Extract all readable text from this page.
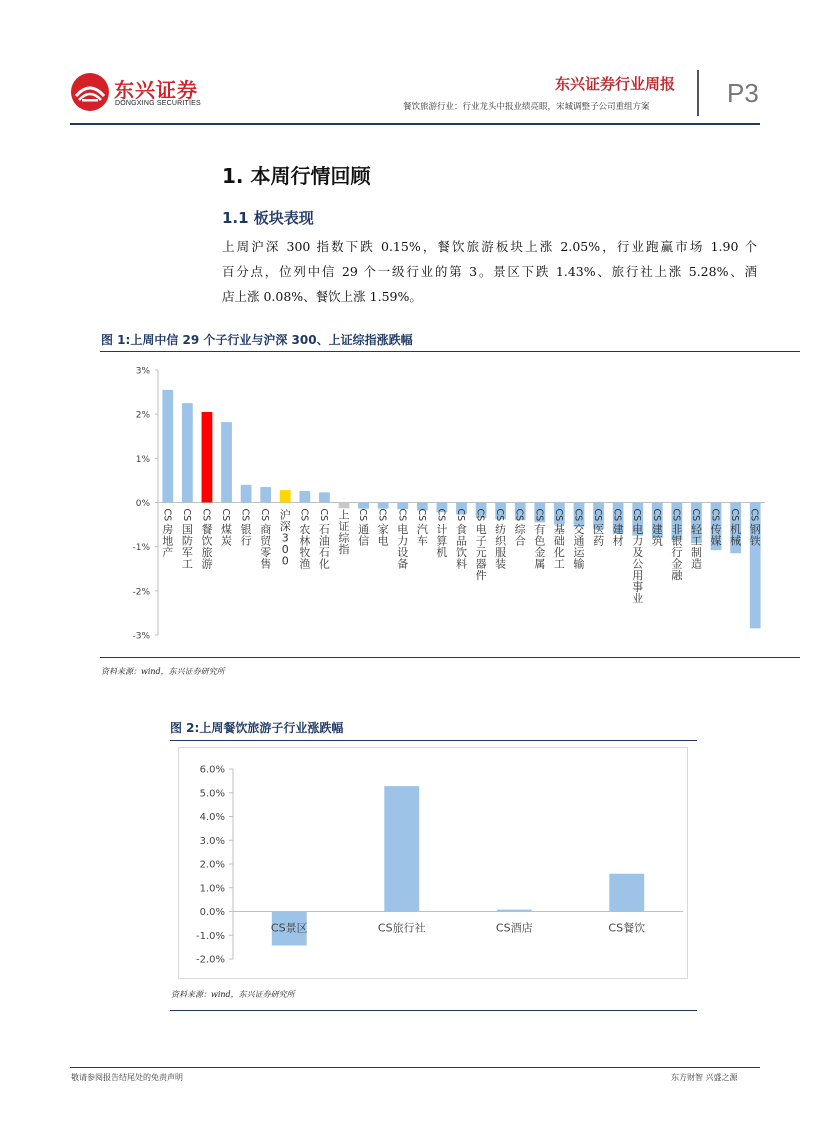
东兴证券
DONGXING SECURITIES
东兴证券行业周报 P3
餐饮旅游行业：行业龙头中报业绩亮眼，宋城调整子公司重组方案
1. 本周行情回顾
1.1 板块表现
上周沪深 300 指数下跌 0.15%，餐饮旅游板块上涨 2.05%，行业跑赢市场 1.90 个
百分点，位列中信 29 个一级行业的第 3。景区下跌 1.43%、旅行社上涨 5.28%、酒
店上涨 0.08%、餐饮上涨 1.59%。
图 1:上周中信 29 个子行业与沪深 300、上证综指涨跌幅
3%
2%
1%
0%
-1%
-2%
-3%
CS
房
地
产
CS
国
防
军
工
CS
餐
饮
旅
游
CS
煤
炭
CS
银
行
CS
商
贸
零
售
沪
深
3
0
0
CS
农
林
牧
渔
CS
石
油
石
化
上
证
综
指
CS
通
信
CS
家
电
CS
电
力
设
备
CS
汽
车
CS
计
算
机
CS
食
品
饮
料
CS
电
子
元
器
件
CS
纺
织
服
装
CS
综
合
CS
有
色
金
属
CS
基
础
化
工
CS
交
通
运
输
CS
医
药
CS
建
材
CS
电
力
及
公
用
事
业
CS
建
筑
CS
非
银
行
金
融
CS
轻
工
制
造
CS
传
媒
CS
机
械
CS
钢
铁
资料来源：wind，东兴证券研究所
图 2:上周餐饮旅游子行业涨跌幅
6.0%
5.0%
4.0%
3.0%
2.0%
1.0%
0.0%
-1.0%
-2.0%
CS景区	CS旅行社	CS酒店	CS餐饮
资料来源：wind，东兴证券研究所
敬请参阅报告结尾处的免责声明	东方财智 兴盛之源
